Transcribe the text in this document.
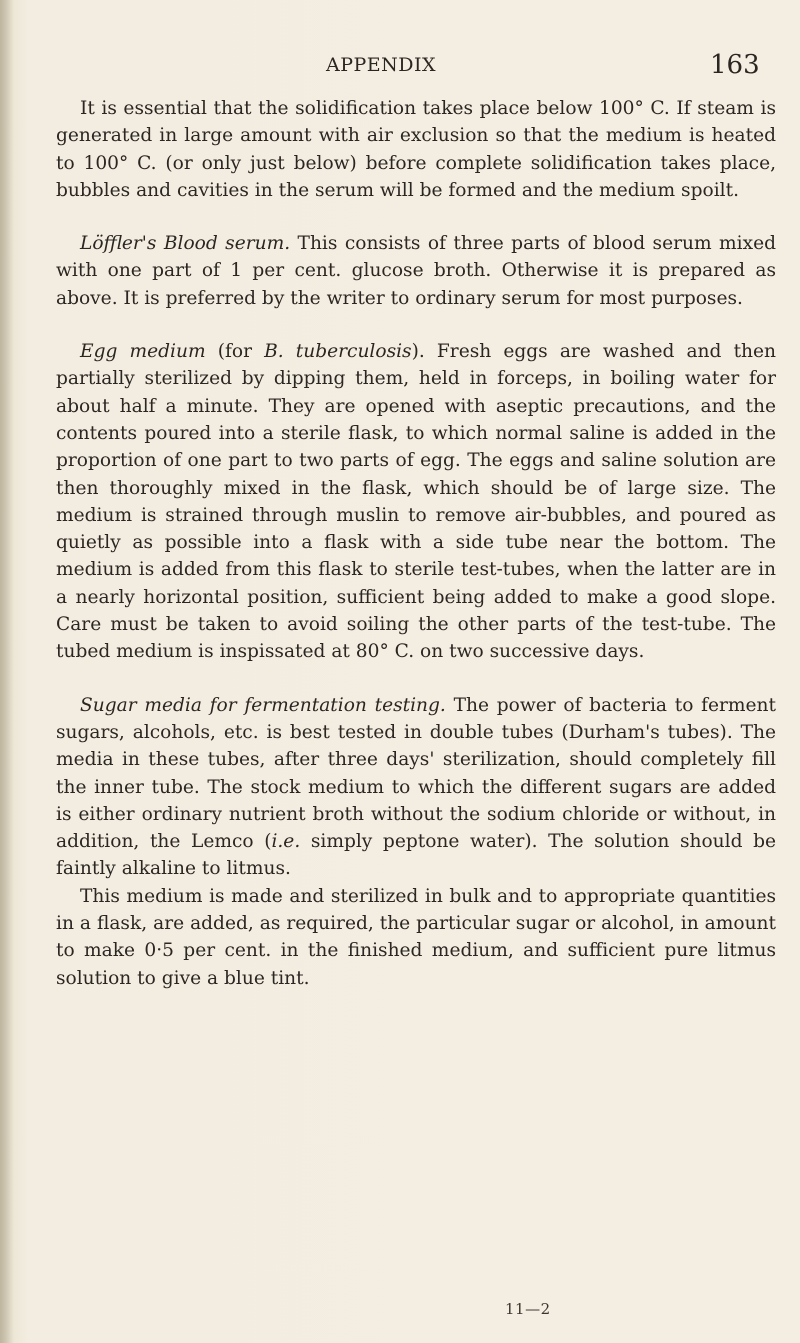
APPENDIX	163

It is essential that the solidification takes place below 100° C. If steam is generated in large amount with air exclusion so that the medium is heated to 100° C. (or only just below) before complete solidification takes place, bubbles and cavities in the serum will be formed and the medium spoilt.

Löffler's Blood serum. This consists of three parts of blood serum mixed with one part of 1 per cent. glucose broth. Otherwise it is prepared as above. It is preferred by the writer to ordinary serum for most purposes.

Egg medium (for B. tuberculosis). Fresh eggs are washed and then partially sterilized by dipping them, held in forceps, in boiling water for about half a minute. They are opened with aseptic precautions, and the contents poured into a sterile flask, to which normal saline is added in the proportion of one part to two parts of egg. The eggs and saline solution are then thoroughly mixed in the flask, which should be of large size. The medium is strained through muslin to remove air-bubbles, and poured as quietly as possible into a flask with a side tube near the bottom. The medium is added from this flask to sterile test-tubes, when the latter are in a nearly horizontal position, sufficient being added to make a good slope. Care must be taken to avoid soiling the other parts of the test-tube. The tubed medium is inspissated at 80° C. on two successive days.

Sugar media for fermentation testing. The power of bacteria to ferment sugars, alcohols, etc. is best tested in double tubes (Durham's tubes). The media in these tubes, after three days' sterilization, should completely fill the inner tube. The stock medium to which the different sugars are added is either ordinary nutrient broth without the sodium chloride or without, in addition, the Lemco (i.e. simply peptone water). The solution should be faintly alkaline to litmus.

This medium is made and sterilized in bulk and to appropriate quantities in a flask, are added, as required, the particular sugar or alcohol, in amount to make 0·5 per cent. in the finished medium, and sufficient pure litmus solution to give a blue tint.

11—2
